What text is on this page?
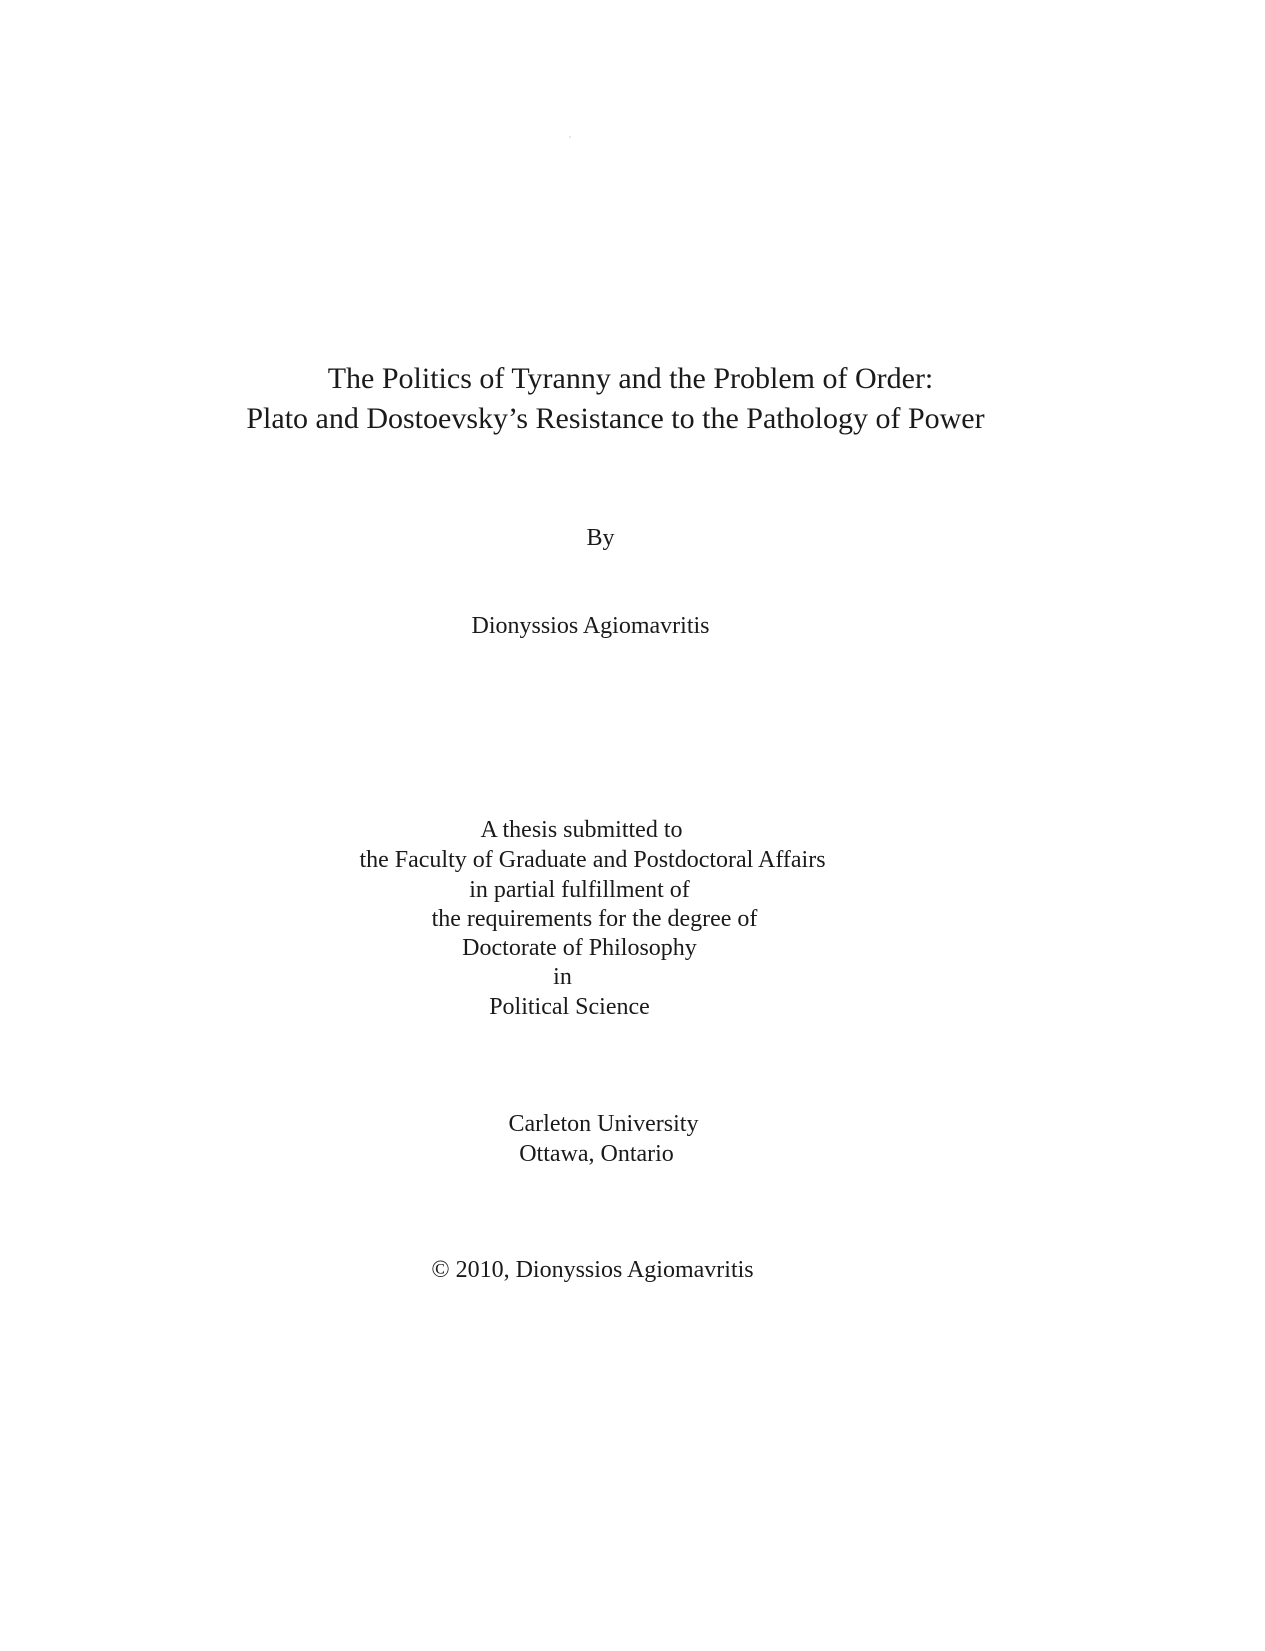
The Politics of Tyranny and the Problem of Order:
Plato and Dostoevsky’s Resistance to the Pathology of Power
By
Dionyssios Agiomavritis
A thesis submitted to
the Faculty of Graduate and Postdoctoral Affairs
in partial fulfillment of
the requirements for the degree of
Doctorate of Philosophy
in
Political Science
Carleton University
Ottawa, Ontario
© 2010, Dionyssios Agiomavritis
